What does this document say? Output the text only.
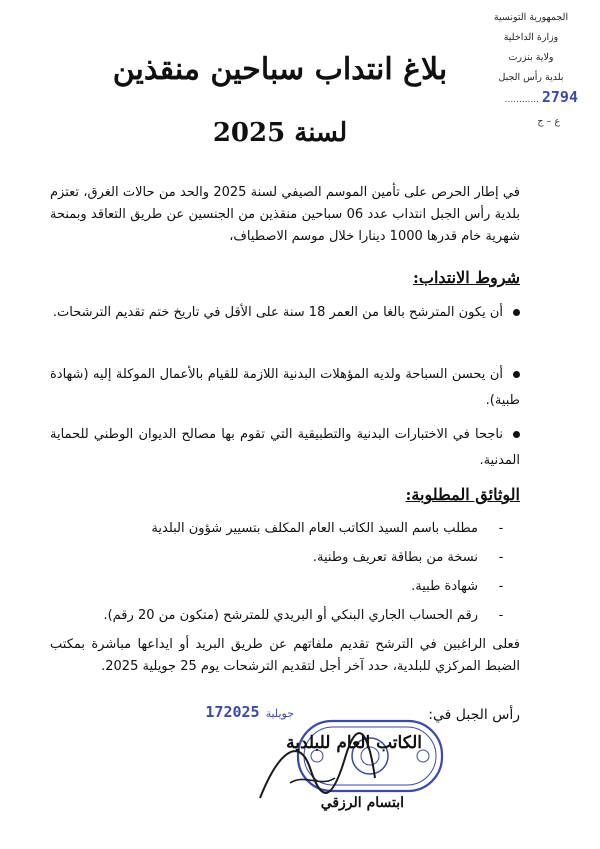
الجمهورية التونسية
وزارة الداخلية
ولاية بنزرت
بلدية رأس الجبل
2794 ............
ع – ج
بلاغ انتداب سباحين منقذين
لسنة 2025
في إطار الحرص على تأمين الموسم الصيفي لسنة 2025 والحد من حالات الغرق، تعتزم بلدية رأس الجبل انتداب عدد 06 سباحين منقذين من الجنسين عن طريق التعاقد وبمنحة شهرية خام قدرها 1000 دينارا خلال موسم الاصطياف،
شروط الانتداب:
أن يكون المترشح بالغا من العمر 18 سنة على الأقل في تاريخ ختم تقديم الترشحات.
أن يحسن السباحة ولديه المؤهلات البدنية اللازمة للقيام بالأعمال الموكلة إليه (شهادة طبية).
ناجحا في الاختبارات البدنية والتطبيقية التي تقوم بها مصالح الديوان الوطني للحماية المدنية.
الوثائق المطلوبة:
-مطلب باسم السيد الكاتب العام المكلف بتسيير شؤون البلدية
-نسخة من بطاقة تعريف وطنية.
-شهادة طبية.
-رقم الحساب الجاري البنكي أو البريدي للمترشح (متكون من 20 رقم).
فعلى الراغبين في الترشح تقديم ملفاتهم عن طريق البريد أو ايداعها مباشرة بمكتب الضبط المركزي للبلدية، حدد آخر أجل لتقديم الترشحات يوم 25 جويلية 2025.
رأس الجبل في:
17	جويلية2025
الكاتب العام للبلدية
ابتسام الرزقي
